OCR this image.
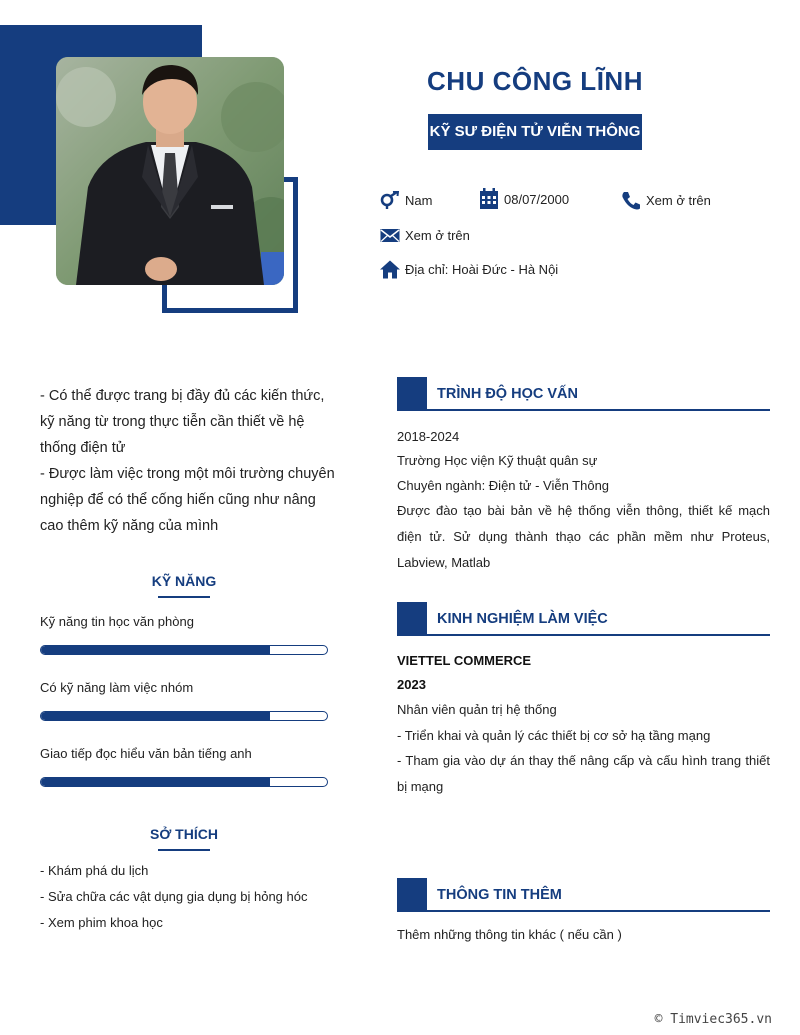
CHU CÔNG LĨNH
KỸ SƯ ĐIỆN TỬ VIỄN THÔNG
Nam	08/07/2000	Xem ở trên
Xem ở trên
Địa chỉ: Hoài Đức - Hà Nội

- Có thể được trang bị đầy đủ các kiến thức, kỹ năng từ trong thực tiễn cần thiết về hệ thống điện tử

- Được làm việc trong một môi trường chuyên nghiệp để có thể cống hiến cũng như nâng cao thêm kỹ năng của mình

KỸ NĂNG
Kỹ năng tin học văn phòng
Có kỹ năng làm việc nhóm
Giao tiếp đọc hiểu văn bản tiếng anh
SỞ THÍCH
- Khám phá du lịch
- Sửa chữa các vật dụng gia dụng bị hỏng hóc
- Xem phim khoa học
TRÌNH ĐỘ HỌC VẤN
2018-2024
Trường Học viện Kỹ thuật quân sự
Chuyên ngành: Điện tử - Viễn Thông
Được đào tạo bài bản về hệ thống viễn thông, thiết kế mạch điện tử. Sử dụng thành thạo các phần mềm như Proteus, Labview, Matlab
KINH NGHIỆM LÀM VIỆC
VIETTEL COMMERCE
2023
Nhân viên quản trị hệ thống
- Triển khai và quản lý các thiết bị cơ sở hạ tầng mạng
- Tham gia vào dự án thay thế nâng cấp và cấu hình trang thiết bị mạng
THÔNG TIN THÊM
Thêm những thông tin khác ( nếu cần )
© Timviec365.vn
